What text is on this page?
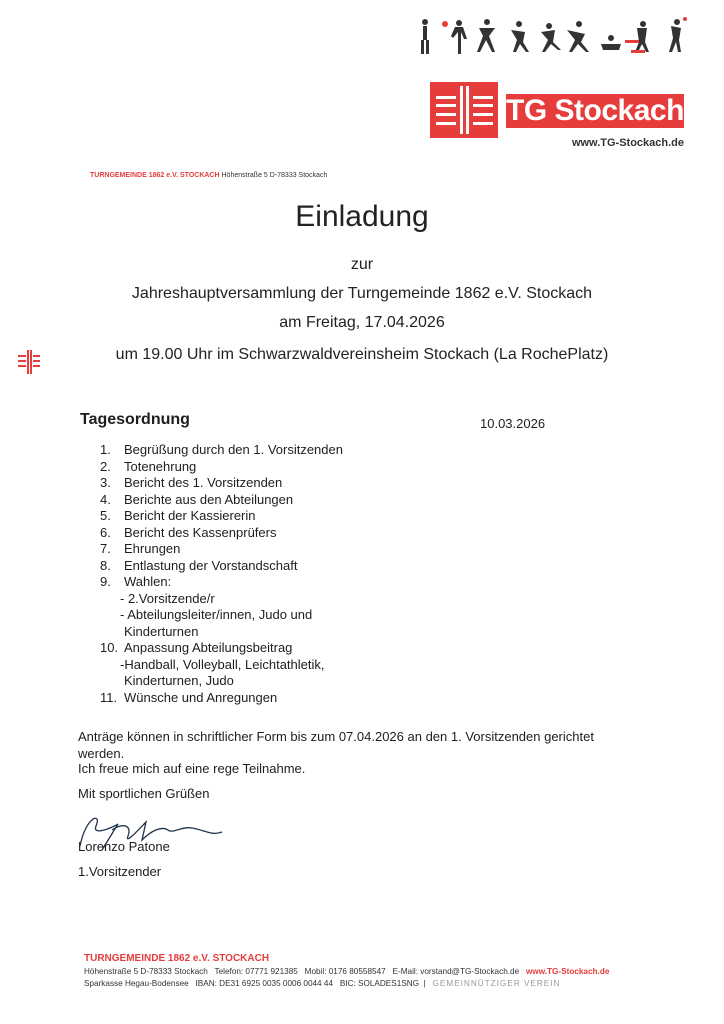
TG Stockach
www.TG-Stockach.de
TURNGEMEINDE 1862 e.V. STOCKACH Höhenstraße 5 D-78333 Stockach
Einladung
zur
Jahreshauptversammlung der Turngemeinde 1862 e.V. Stockach
am Freitag, 17.04.2026
um 19.00 Uhr im Schwarzwaldvereinsheim Stockach (La RochePlatz)
Tagesordnung	10.03.2026
1.	Begrüßung durch den 1. Vorsitzenden
2.	Totenehrung
3.	Bericht des 1. Vorsitzenden
4.	Berichte aus den Abteilungen
5.	Bericht der Kassiererin
6.	Bericht des Kassenprüfers
7.	Ehrungen
8.	Entlastung der Vorstandschaft
9.	Wahlen:
- 2.Vorsitzende/r
- Abteilungsleiter/innen, Judo und
Kinderturnen
10. Anpassung Abteilungsbeitrag
-Handball, Volleyball, Leichtathletik,
Kinderturnen, Judo
11. Wünsche und Anregungen
Anträge können in schriftlicher Form bis zum 07.04.2026 an den 1. Vorsitzenden gerichtet werden.
Ich freue mich auf eine rege Teilnahme.
Mit sportlichen Grüßen
Lorenzo Patone
1.Vorsitzender
TURNGEMEINDE 1862 e.V. STOCKACH
Höhenstraße 5 D-78333 Stockach Telefon: 07771 921385 Mobil: 0176 80558547 E-Mail: vorstand@TG-Stockach.de www.TG-Stockach.de
Sparkasse Hegau-Bodensee IBAN: DE31 6925 0035 0006 0044 44 BIC: SOLADES1SNG  |   GEMEINNÜTZIGER VEREIN
